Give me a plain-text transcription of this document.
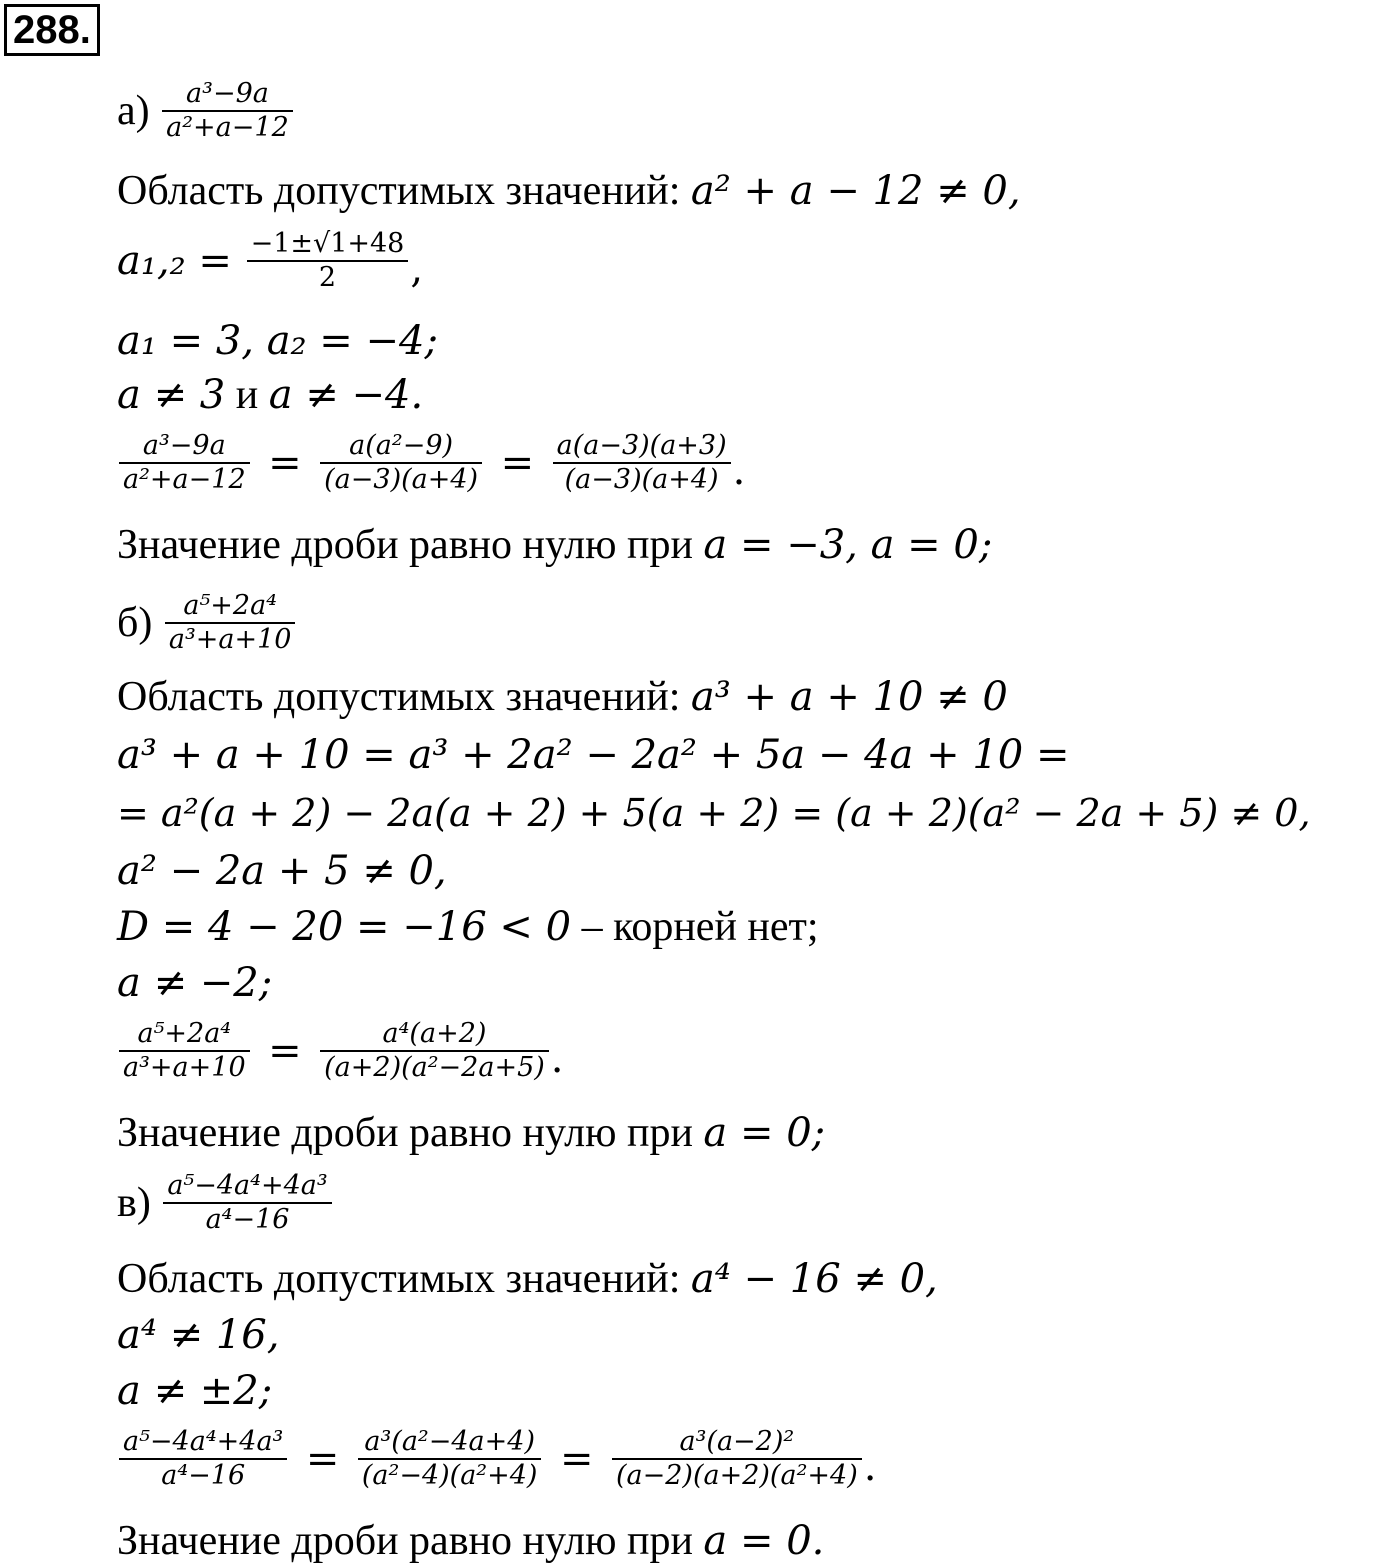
288.
$а) \frac{\text{a³−9a}}{\text{a²+a−12}}$
Область допустимых значений: a² + a − 12 ≠ 0,
$a_1,_2 = \frac{-1\pm√1+48}{2}$ ,
a₁ = 3, a₂ = −4;
a ≠ 3 и a ≠ −4.
$\frac{\text{a³−9a}}{\text{a²+a−12}} = \frac{\text{a(a²−9)}}{(a-3)(a+4)} = \frac{a(a-3)(a+3)}{(a-3)(a+4)}$ .
Значение дроби равно нулю при a = −3, a = 0;
$б) \frac{\text{a⁵+2a⁴}}{\text{a³+a+10}}$
Область допустимых значений: a³ + a + 10 ≠ 0
a³ + a + 10 = a³ + 2a² − 2a² + 5a − 4a + 10 =
= a²(a + 2) − 2a(a + 2) + 5(a + 2) = (a + 2)(a² − 2a + 5) ≠ 0,
a² − 2a + 5 ≠ 0,
D = 4 − 20 = −16 < 0 – корней нет;
a ≠ −2;
$\frac{\text{a⁵+2a⁴}}{\text{a³+a+10}} = \frac{\text{a⁴(a+2)}}{\text{(a+2)(a²−2a+5)}}$ .
Значение дроби равно нулю при a = 0;
$в) \frac{\text{a⁵−4a⁴+4a³}}{\text{a⁴−16}}$
Область допустимых значений: a⁴ − 16 ≠ 0,
a⁴ ≠ 16,
a ≠ ±2;
$\frac{\text{a⁵−4a⁴+4a³}}{\text{a⁴−16}} = \frac{\text{a³(a²−4a+4)}}{\text{(a²−4)(a²+4)}} = \frac{\text{a³(a−2)²}}{\text{(a−2)(a+2)(a²+4)}}$ .
Значение дроби равно нулю при a = 0.
